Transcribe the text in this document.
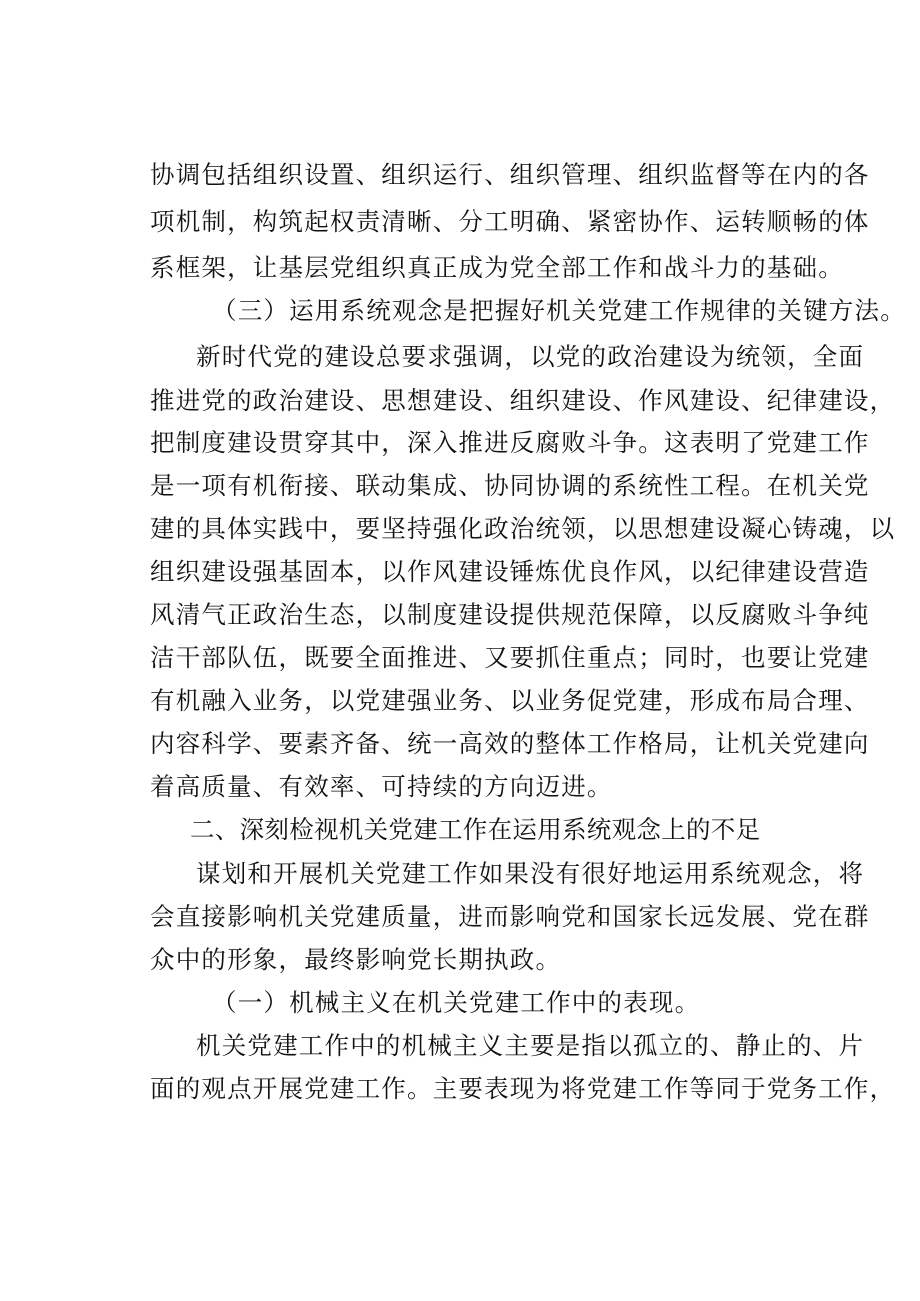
协调包括组织设置、组织运行、组织管理、组织监督等在内的各

项机制，构筑起权责清晰、分工明确、紧密协作、运转顺畅的体

系框架，让基层党组织真正成为党全部工作和战斗力的基础。

（三）运用系统观念是把握好机关党建工作规律的关键方法。

新时代党的建设总要求强调，以党的政治建设为统领，全面

推进党的政治建设、思想建设、组织建设、作风建设、纪律建设，

把制度建设贯穿其中，深入推进反腐败斗争。这表明了党建工作

是一项有机衔接、联动集成、协同协调的系统性工程。在机关党

建的具体实践中，要坚持强化政治统领，以思想建设凝心铸魂，以

组织建设强基固本，以作风建设锤炼优良作风，以纪律建设营造

风清气正政治生态，以制度建设提供规范保障，以反腐败斗争纯

洁干部队伍，既要全面推进、又要抓住重点；同时，也要让党建

有机融入业务，以党建强业务、以业务促党建，形成布局合理、

内容科学、要素齐备、统一高效的整体工作格局，让机关党建向

着高质量、有效率、可持续的方向迈进。

二、深刻检视机关党建工作在运用系统观念上的不足

谋划和开展机关党建工作如果没有很好地运用系统观念，将

会直接影响机关党建质量，进而影响党和国家长远发展、党在群

众中的形象，最终影响党长期执政。

（一）机械主义在机关党建工作中的表现。

机关党建工作中的机械主义主要是指以孤立的、静止的、片

面的观点开展党建工作。主要表现为将党建工作等同于党务工作，
